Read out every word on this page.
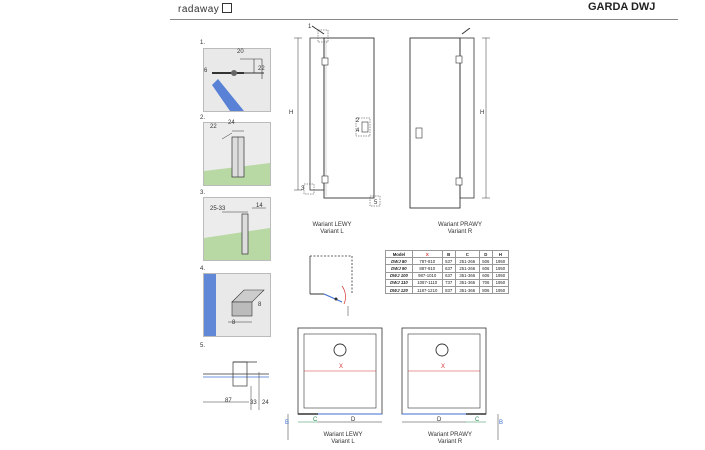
radaway	GARDA DWJ
1.
20
6	22
2.
22
24
3.
25-33	14
4.
8
8
5.
87	33 24
H
1
2
3
4
5
Wariant LEWY
Variant L
H
Wariant PRAWY
Variant R
Model	X	B	C	D	H
DWJ 80	787-810	537	251-266	506	1950
DWJ 90	887-910	637	251-266	606	1950
DWJ 100	987-1010	637	351-366	606	1950
DWJ 110	1087-1110	737	351-366	706	1950
DWJ 120	1187-1210	837	351-366	806	1950
X
B	C	D
Wariant LEWY
Variant L
X
D	C	B
Wariant PRAWY
Variant R
